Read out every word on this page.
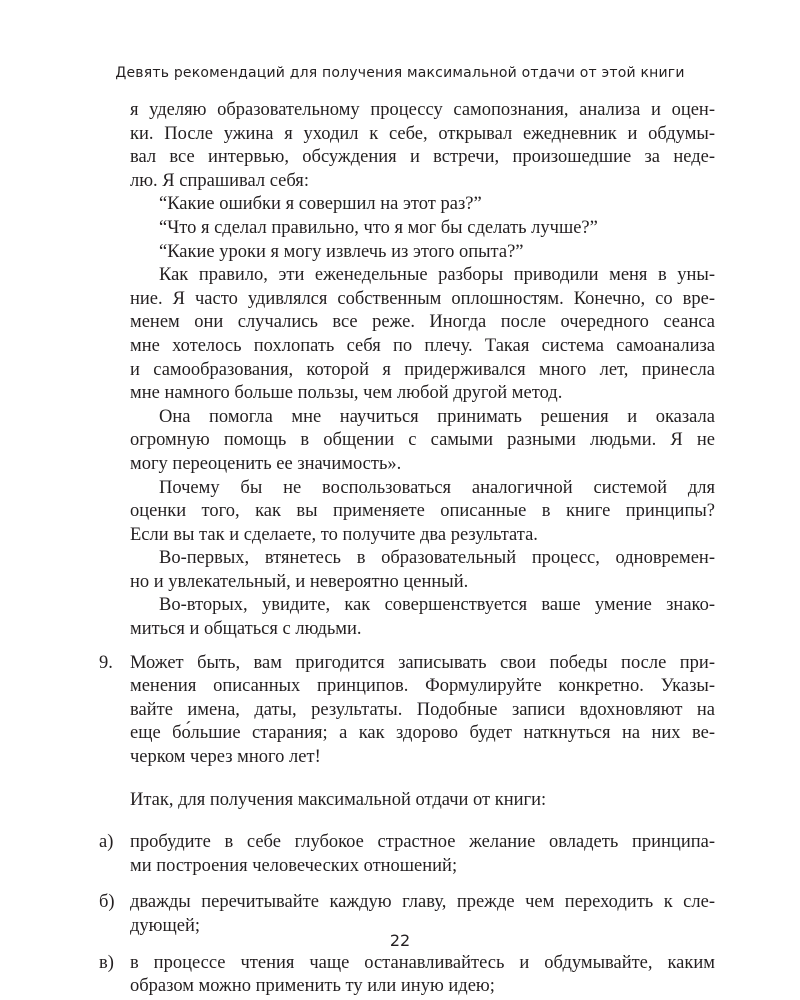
Девять рекомендаций для получения максимальной отдачи от этой книги
я уделяю образовательному процессу самопознания, анализа и оцен-
ки. После ужина я уходил к себе, открывал ежедневник и обдумы-
вал все интервью, обсуждения и встречи, произошедшие за неде-
лю. Я спрашивал себя:
“Какие ошибки я совершил на этот раз?”
“Что я сделал правильно, что я мог бы сделать лучше?”
“Какие уроки я могу извлечь из этого опыта?”
Как правило, эти еженедельные разборы приводили меня в уны-
ние. Я часто удивлялся собственным оплошностям. Конечно, со вре-
менем они случались все реже. Иногда после очередного сеанса
мне хотелось похлопать себя по плечу. Такая система самоанализа
и самообразования, которой я придерживался много лет, принесла
мне намного больше пользы, чем любой другой метод.
Она помогла мне научиться принимать решения и оказала
огромную помощь в общении с самыми разными людьми. Я не
могу переоценить ее значимость».
Почему бы не воспользоваться аналогичной системой для
оценки того, как вы применяете описанные в книге принципы?
Если вы так и сделаете, то получите два результата.
Во-первых, втянетесь в образовательный процесс, одновремен-
но и увлекательный, и невероятно ценный.
Во-вторых, увидите, как совершенствуется ваше умение знако-
миться и общаться с людьми.
9. Может быть, вам пригодится записывать свои победы после при-
менения описанных принципов. Формулируйте конкретно. Указы-
вайте имена, даты, результаты. Подобные записи вдохновляют на
еще бо́льшие старания; а как здорово будет наткнуться на них ве-
черком через много лет!
Итак, для получения максимальной отдачи от книги:
а) пробудите в себе глубокое страстное желание овладеть принципа-
ми построения человеческих отношений;
б) дважды перечитывайте каждую главу, прежде чем переходить к сле-
дующей;
в) в процессе чтения чаще останавливайтесь и обдумывайте, каким
образом можно применить ту или иную идею;
22
